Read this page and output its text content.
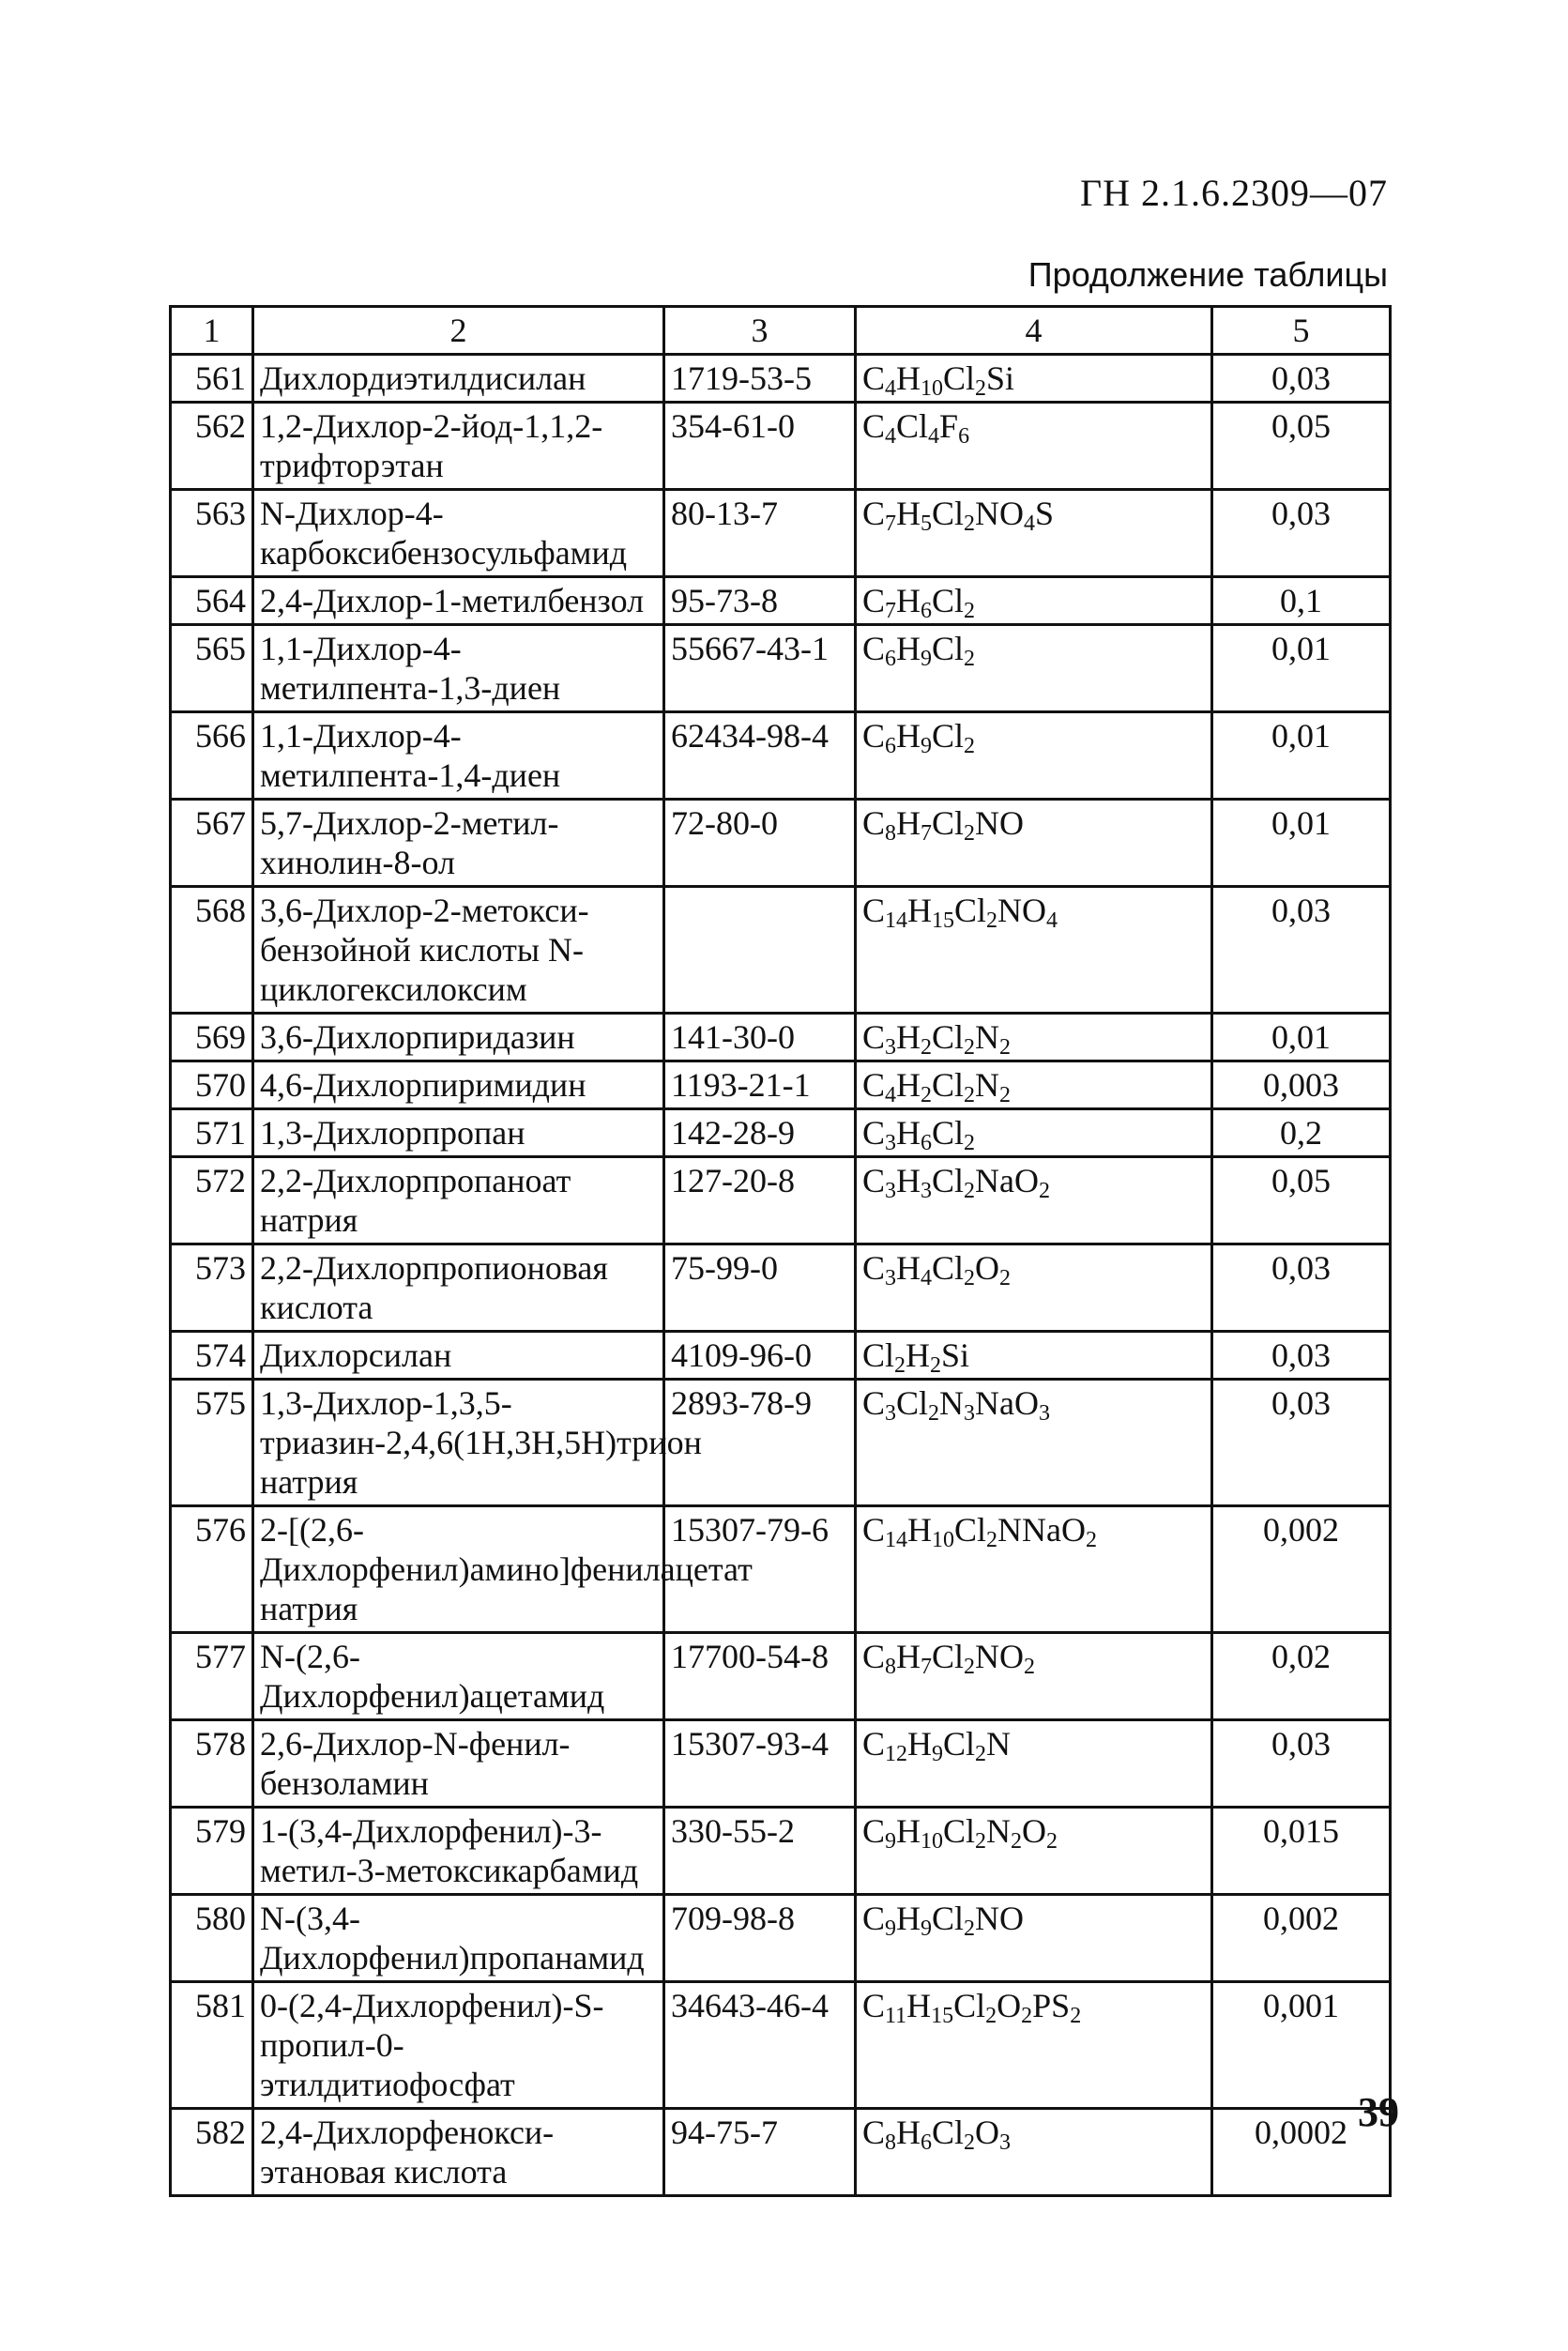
ГН 2.1.6.2309—07
Продолжение таблицы
1	2	3	4	5
561	Дихлордиэтилдисилан	1719-53-5	$C_4H_{10}Cl_2Si$	0,03
562	1,2-Дихлор-2-йод-1,1,2-трифторэтан	354-61-0	$C_4Cl_4F_6$	0,05
563	N-Дихлор-4-карбоксибензосульфамид	80-13-7	$C_7H_5Cl_2NO_4S$	0,03
564	2,4-Дихлор-1-метилбензол	95-73-8	$C_7H_6Cl_2$	0,1
565	1,1-Дихлор-4-метилпента-1,3-диен	55667-43-1	$C_6H_9Cl_2$	0,01
566	1,1-Дихлор-4-метилпента-1,4-диен	62434-98-4	$C_6H_9Cl_2$	0,01
567	5,7-Дихлор-2-метил-хинолин-8-ол	72-80-0	$C_8H_7Cl_2NO$	0,01
568	3,6-Дихлор-2-метокси-бензойной кислоты N-циклогексилоксим		$C_{14}H_{15}Cl_2NO_4$	0,03
569	3,6-Дихлорпиридазин	141-30-0	$C_3H_2Cl_2N_2$	0,01
570	4,6-Дихлорпиримидин	1193-21-1	$C_4H_2Cl_2N_2$	0,003
571	1,3-Дихлорпропан	142-28-9	$C_3H_6Cl_2$	0,2
572	2,2-Дихлорпропаноат натрия	127-20-8	$C_3H_3Cl_2NaO_2$	0,05
573	2,2-Дихлорпропионовая кислота	75-99-0	$C_3H_4Cl_2O_2$	0,03
574	Дихлорсилан	4109-96-0	$Cl_2H_2Si$	0,03
575	1,3-Дихлор-1,3,5-триазин-2,4,6(1Н,3Н,5Н)трион натрия	2893-78-9	$C_3Cl_2N_3NaO_3$	0,03
576	2-[(2,6-Дихлорфенил)амино]фенилацетат натрия	15307-79-6	$C_{14}H_{10}Cl_2NNaO_2$	0,002
577	N-(2,6-Дихлорфенил)ацетамид	17700-54-8	$C_8H_7Cl_2NO_2$	0,02
578	2,6-Дихлор-N-фенил-бензоламин	15307-93-4	$C_{12}H_9Cl_2N$	0,03
579	1-(3,4-Дихлорфенил)-3-метил-3-метоксикарбамид	330-55-2	$C_9H_{10}Cl_2N_2O_2$	0,015
580	N-(3,4-Дихлорфенил)пропанамид	709-98-8	$C_9H_9Cl_2NO$	0,002
581	0-(2,4-Дихлорфенил)-S-пропил-0-этилдитиофосфат	34643-46-4	$C_{11}H_{15}Cl_2O_2PS_2$	0,001
582	2,4-Дихлорфенокси-этановая кислота	94-75-7	$C_8H_6Cl_2O_3$	0,0002 39
